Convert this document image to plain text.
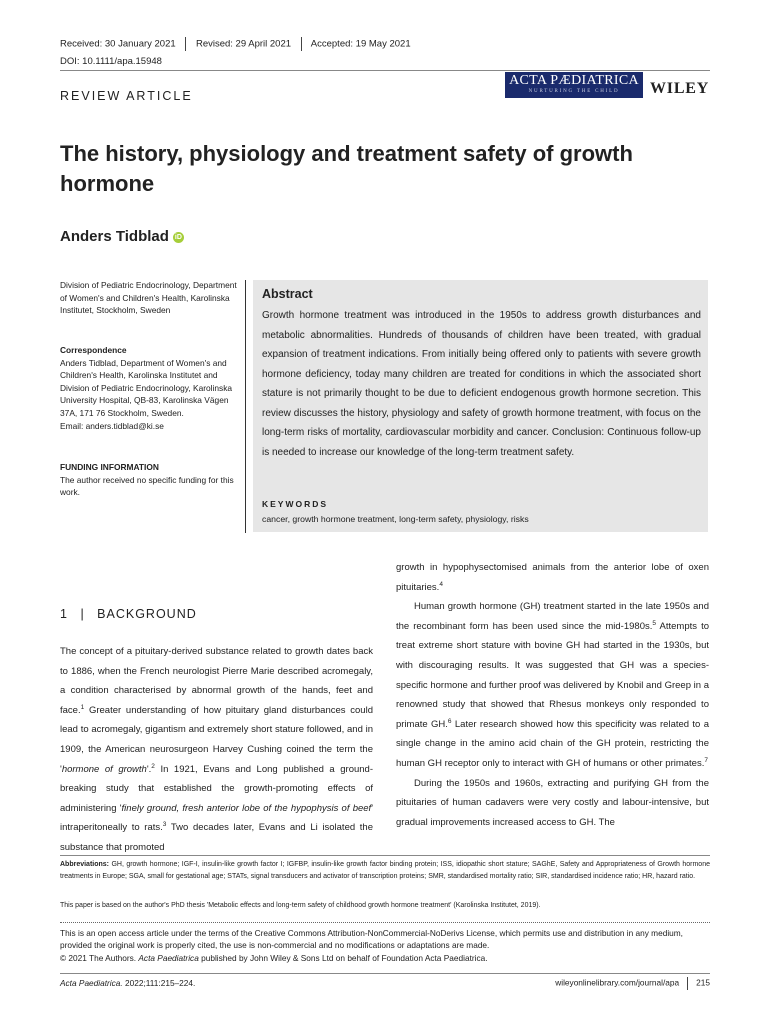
Received: 30 January 2021 Revised: 29 April 2021 Accepted: 19 May 2021
DOI: 10.1111/apa.15948
REVIEW ARTICLE
ACTA PÆDIATRICA
NURTURING THE CHILD	WILEY
The history, physiology and treatment safety of growth hormone
Anders Tidblad iD
Division of Pediatric Endocrinology, Department of Women's and Children's Health, Karolinska Institutet, Stockholm, Sweden
Correspondence
Anders Tidblad, Department of Women's and Children's Health, Karolinska Institutet and Division of Pediatric Endocrinology, Karolinska University Hospital, QB-83, Karolinska Vägen 37A, 171 76 Stockholm, Sweden.
Email: anders.tidblad@ki.se
FUNDING INFORMATION
The author received no specific funding for this work.
Abstract
Growth hormone treatment was introduced in the 1950s to address growth disturbances and metabolic abnormalities. Hundreds of thousands of children have been treated, with gradual expansion of treatment indications. From initially being offered only to patients with severe growth hormone deficiency, today many children are treated for conditions in which the associated short stature is not primarily thought to be due to deficient endogenous growth hormone secretion. This review discusses the history, physiology and safety of growth hormone treatment, with focus on the long-term risks of mortality, cardiovascular morbidity and cancer. Conclusion: Continuous follow-up is needed to increase our knowledge of the long-term treatment safety.
KEYWORDS
cancer, growth hormone treatment, long-term safety, physiology, risks
1 | BACKGROUND

The concept of a pituitary-derived substance related to growth dates back to 1886, when the French neurologist Pierre Marie described acromegaly, a condition characterised by abnormal growth of the hands, feet and face.$^1$ Greater understanding of how pituitary gland disturbances could lead to acromegaly, gigantism and extremely short stature followed, and in 1909, the American neurosurgeon Harvey Cushing coined the term the 'hormone of growth'.$^2$ In 1921, Evans and Long published a ground-breaking study that established the growth-promoting effects of administering 'finely ground, fresh anterior lobe of the hypophysis of beef' intraperitoneally to rats.$^3$ Two decades later, Evans and Li isolated the substance that promoted

growth in hypophysectomised animals from the anterior lobe of oxen pituitaries.$^4$

Human growth hormone (GH) treatment started in the late 1950s and the recombinant form has been used since the mid-1980s.$^5$ Attempts to treat extreme short stature with bovine GH had started in the 1930s, but with discouraging results. It was suggested that GH was a species-specific hormone and further proof was delivered by Knobil and Greep in a renowned study that showed that Rhesus monkeys only responded to primate GH.$^6$ Later research showed how this specificity was related to a single change in the amino acid chain of the GH protein, restricting the human GH receptor only to interact with GH of humans or other primates.$^7$

During the 1950s and 1960s, extracting and purifying GH from the pituitaries of human cadavers were very costly and labour-intensive, but gradual improvements increased access to GH. The

Abbreviations: GH, growth hormone; IGF-I, insulin-like growth factor I; IGFBP, insulin-like growth factor binding protein; ISS, idiopathic short stature; SAGhE, Safety and Appropriateness of Growth hormone treatments in Europe; SGA, small for gestational age; STATs, signal transducers and activator of transcription proteins; SMR, standardised mortality ratio; SIR, standardised incidence ratio; HR, hazard ratio.
This paper is based on the author's PhD thesis 'Metabolic effects and long-term safety of childhood growth hormone treatment' (Karolinska Institutet, 2019).
This is an open access article under the terms of the Creative Commons Attribution-NonCommercial-NoDerivs License, which permits use and distribution in any medium, provided the original work is properly cited, the use is non-commercial and no modifications or adaptations are made.
© 2021 The Authors. Acta Paediatrica published by John Wiley & Sons Ltd on behalf of Foundation Acta Paediatrica.
Acta Paediatrica. 2022;111:215–224.	wileyonlinelibrary.com/journal/apa 215
